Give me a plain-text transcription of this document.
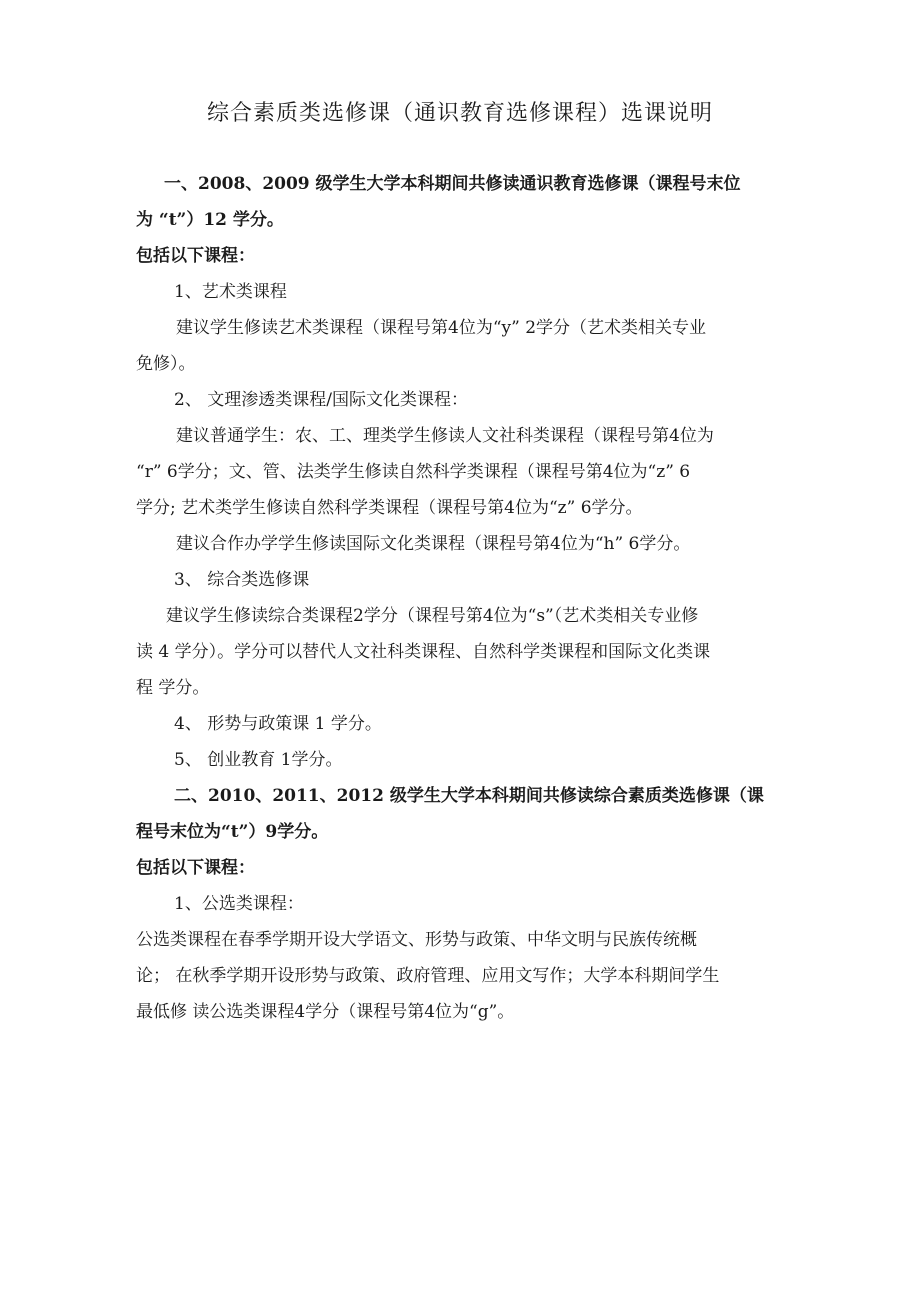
综合素质类选修课（通识教育选修课程）选课说明
一、2008、2009 级学生大学本科期间共修读通识教育选修课（课程号末位
为 “t”）12 学分。
包括以下课程：
1、艺术类课程
建议学生修读艺术类课程（课程号第4位为“y” 2学分（艺术类相关专业
免修）。
2、 文理渗透类课程/国际文化类课程：
建议普通学生：农、工、理类学生修读人文社科类课程（课程号第4位为
“r” 6学分；文、管、法类学生修读自然科学类课程（课程号第4位为“z” 6
学分; 艺术类学生修读自然科学类课程（课程号第4位为“z” 6学分。
建议合作办学学生修读国际文化类课程（课程号第4位为“h” 6学分。
3、 综合类选修课
建议学生修读综合类课程2学分（课程号第4位为“s”（艺术类相关专业修
读 4 学分）。学分可以替代人文社科类课程、自然科学类课程和国际文化类课
程 学分。
4、 形势与政策课 1 学分。
5、 创业教育 1学分。
二、2010、2011、2012 级学生大学本科期间共修读综合素质类选修课（课
程号末位为“t”）9学分。
包括以下课程：
1、公选类课程：
公选类课程在春季学期开设大学语文、形势与政策、中华文明与民族传统概
论； 在秋季学期开设形势与政策、政府管理、应用文写作；大学本科期间学生
最低修 读公选类课程4学分（课程号第4位为“g”。
